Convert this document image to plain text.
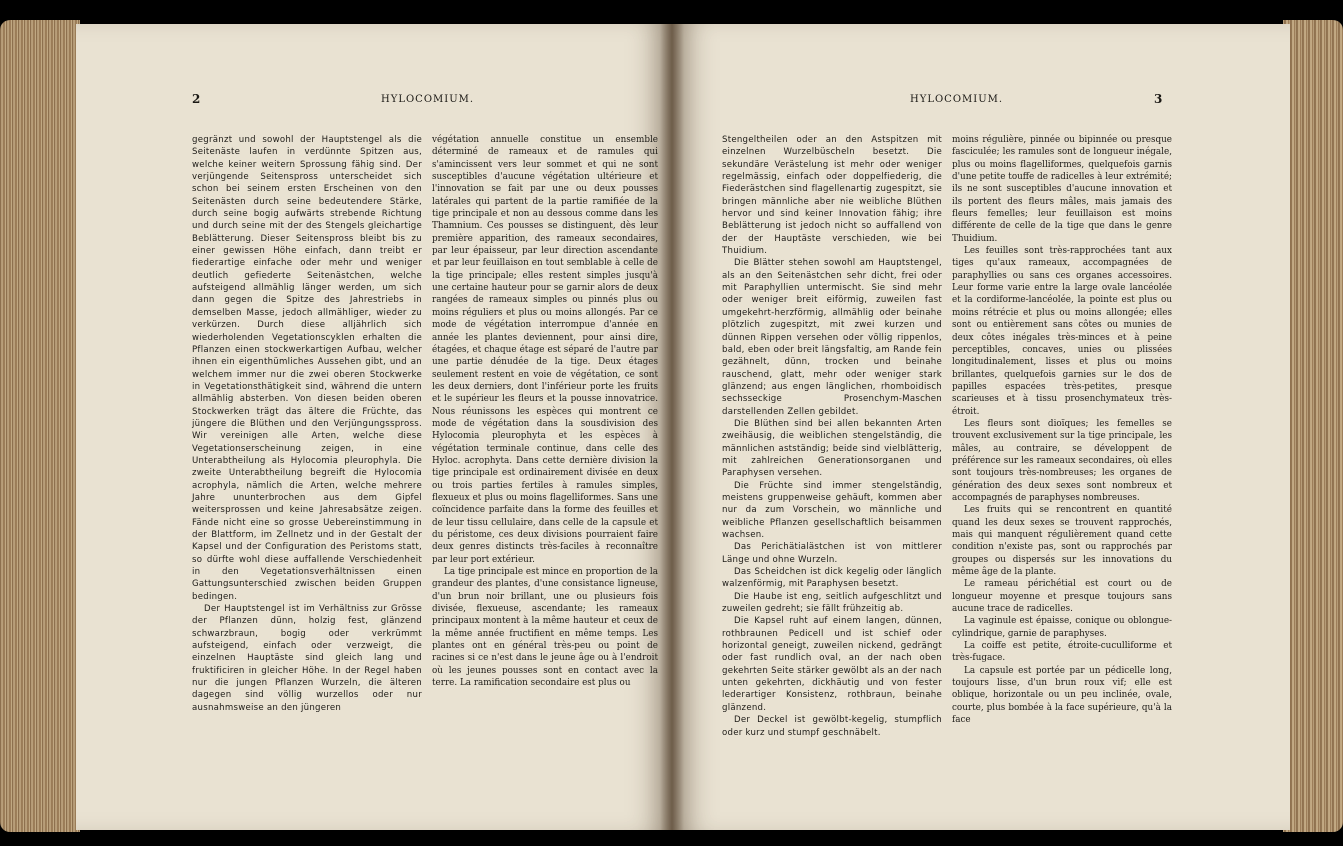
2	HYLOCOMIUM.

gegränzt und sowohl der Hauptstengel als die Seitenäste laufen in verdünnte Spitzen aus, welche keiner weitern Sprossung fähig sind. Der verjüngende Seitenspross unterscheidet sich schon bei seinem ersten Erscheinen von den Seitenästen durch seine bedeutendere Stärke, durch seine bogig aufwärts strebende Richtung und durch seine mit der des Stengels gleichartige Beblätterung. Dieser Seitenspross bleibt bis zu einer gewissen Höhe einfach, dann treibt er fiederartige einfache oder mehr und weniger deutlich gefiederte Seitenästchen, welche aufsteigend allmählig länger werden, um sich dann gegen die Spitze des Jahrestriebs in demselben Masse, jedoch allmähliger, wieder zu verkürzen. Durch diese alljährlich sich wiederholenden Vegetationscyklen erhalten die Pflanzen einen stockwerkartigen Aufbau, welcher ihnen ein eigenthümliches Aussehen gibt, und an welchem immer nur die zwei oberen Stockwerke in Vegetationsthätigkeit sind, während die untern allmählig absterben. Von diesen beiden oberen Stockwerken trägt das ältere die Früchte, das jüngere die Blüthen und den Verjüngungsspross. Wir vereinigen alle Arten, welche diese Vegetationserscheinung zeigen, in eine Unterabtheilung als Hylocomia pleurophyla. Die zweite Unterabtheilung begreift die Hylocomia acrophyla, nämlich die Arten, welche mehrere Jahre ununterbrochen aus dem Gipfel weitersprossen und keine Jahresabsätze zeigen. Fände nicht eine so grosse Uebereinstimmung in der Blattform, im Zellnetz und in der Gestalt der Kapsel und der Configuration des Peristoms statt, so dürfte wohl diese auffallende Verschiedenheit in den Vegetationsverhältnissen einen Gattungsunterschied zwischen beiden Gruppen bedingen.

Der Hauptstengel ist im Verhältniss zur Grösse der Pflanzen dünn, holzig fest, glänzend schwarzbraun, bogig oder verkrümmt aufsteigend, einfach oder verzweigt, die einzelnen Hauptäste sind gleich lang und fruktificiren in gleicher Höhe. In der Regel haben nur die jungen Pflanzen Wurzeln, die älteren dagegen sind völlig wurzellos oder nur ausnahmsweise an den jüngeren

végétation annuelle constitue un ensemble déterminé de rameaux et de ramules qui s'amincissent vers leur sommet et qui ne sont susceptibles d'aucune végétation ultérieure et l'innovation se fait par une ou deux pousses latérales qui partent de la partie ramifiée de la tige principale et non au dessous comme dans les Thamnium. Ces pousses se distinguent, dès leur première apparition, des rameaux secondaires, par leur épaisseur, par leur direction ascendante et par leur feuillaison en tout semblable à celle de la tige principale; elles restent simples jusqu'à une certaine hauteur pour se garnir alors de deux rangées de rameaux simples ou pinnés plus ou moins réguliers et plus ou moins allongés. Par ce mode de végétation interrompue d'année en année les plantes deviennent, pour ainsi dire, étagées, et chaque étage est séparé de l'autre par une partie dénudée de la tige. Deux étages seulement restent en voie de végétation, ce sont les deux derniers, dont l'inférieur porte les fruits et le supérieur les fleurs et la pousse innovatrice. Nous réunissons les espèces qui montrent ce mode de végétation dans la sousdivision des Hylocomia pleurophyta et les espèces à végétation terminale continue, dans celle des Hyloc. acrophyta. Dans cette dernière division la tige principale est ordinairement divisée en deux ou trois parties fertiles à ramules simples, flexueux et plus ou moins flagelliformes. Sans une coïncidence parfaite dans la forme des feuilles et de leur tissu cellulaire, dans celle de la capsule et du péristome, ces deux divisions pourraient faire deux genres distincts très-faciles à reconnaître par leur port extérieur.

La tige principale est mince en proportion de la grandeur des plantes, d'une consistance ligneuse, d'un brun noir brillant, une ou plusieurs fois divisée, flexueuse, ascendante; les rameaux principaux montent à la même hauteur et ceux de la même année fructifient en même temps. Les plantes ont en général très-peu ou point de racines si ce n'est dans le jeune âge ou à l'endroit où les jeunes pousses sont en contact avec la terre. La ramification secondaire est plus ou

HYLOCOMIUM.	3

Stengeltheilen oder an den Astspitzen mit einzelnen Wurzelbüscheln besetzt. Die sekundäre Verästelung ist mehr oder weniger regelmässig, einfach oder doppelfiederig, die Fiederästchen sind flagellenartig zugespitzt, sie bringen männliche aber nie weibliche Blüthen hervor und sind keiner Innovation fähig; ihre Beblätterung ist jedoch nicht so auffallend von der der Hauptäste verschieden, wie bei Thuidium.

Die Blätter stehen sowohl am Hauptstengel, als an den Seitenästchen sehr dicht, frei oder mit Paraphyllien untermischt. Sie sind mehr oder weniger breit eiförmig, zuweilen fast umgekehrt-herzförmig, allmählig oder beinahe plötzlich zugespitzt, mit zwei kurzen und dünnen Rippen versehen oder völlig rippenlos, bald, eben oder breit längsfaltig, am Rande fein gezähnelt, dünn, trocken und beinahe rauschend, glatt, mehr oder weniger stark glänzend; aus engen länglichen, rhomboidisch sechsseckige Prosenchym-Maschen darstellenden Zellen gebildet.

Die Blüthen sind bei allen bekannten Arten zweihäusig, die weiblichen stengelständig, die männlichen astständig; beide sind vielblätterig, mit zahlreichen Generationsorganen und Paraphysen versehen.

Die Früchte sind immer stengelständig, meistens gruppenweise gehäuft, kommen aber nur da zum Vorschein, wo männliche und weibliche Pflanzen gesellschaftlich beisammen wachsen.

Das Perichätialästchen ist von mittlerer Länge und ohne Wurzeln.

Das Scheidchen ist dick kegelig oder länglich walzenförmig, mit Paraphysen besetzt.

Die Haube ist eng, seitlich aufgeschlitzt und zuweilen gedreht; sie fällt frühzeitig ab.

Die Kapsel ruht auf einem langen, dünnen, rothbraunen Pedicell und ist schief oder horizontal geneigt, zuweilen nickend, gedrängt oder fast rundlich oval, an der nach oben gekehrten Seite stärker gewölbt als an der nach unten gekehrten, dickhäutig und von fester lederartiger Konsistenz, rothbraun, beinahe glänzend.

Der Deckel ist gewölbt-kegelig, stumpflich oder kurz und stumpf geschnäbelt.

moins régulière, pinnée ou bipinnée ou presque fasciculée; les ramules sont de longueur inégale, plus ou moins flagelliformes, quelquefois garnis d'une petite touffe de radicelles à leur extrémité; ils ne sont susceptibles d'aucune innovation et ils portent des fleurs mâles, mais jamais des fleurs femelles; leur feuillaison est moins différente de celle de la tige que dans le genre Thuidium.

Les feuilles sont très-rapprochées tant aux tiges qu'aux rameaux, accompagnées de paraphyllies ou sans ces organes accessoires. Leur forme varie entre la large ovale lancéolée et la cordiforme-lancéolée, la pointe est plus ou moins rétrécie et plus ou moins allongée; elles sont ou entièrement sans côtes ou munies de deux côtes inégales très-minces et à peine perceptibles, concaves, unies ou plissées longitudinalement, lisses et plus ou moins brillantes, quelquefois garnies sur le dos de papilles espacées très-petites, presque scarieuses et à tissu prosenchymateux très-étroit.

Les fleurs sont dioïques; les femelles se trouvent exclusivement sur la tige principale, les mâles, au contraire, se développent de préférence sur les rameaux secondaires, où elles sont toujours très-nombreuses; les organes de génération des deux sexes sont nombreux et accompagnés de paraphyses nombreuses.

Les fruits qui se rencontrent en quantité quand les deux sexes se trouvent rapprochés, mais qui manquent régulièrement quand cette condition n'existe pas, sont ou rapprochés par groupes ou dispersés sur les innovations du même âge de la plante.

Le rameau périchétial est court ou de longueur moyenne et presque toujours sans aucune trace de radicelles.

La vaginule est épaisse, conique ou oblongue-cylindrique, garnie de paraphyses.

La coiffe est petite, étroite-cuculliforme et très-fugace.

La capsule est portée par un pédicelle long, toujours lisse, d'un brun roux vif; elle est oblique, horizontale ou un peu inclinée, ovale, courte, plus bombée à la face supérieure, qu'à la face
